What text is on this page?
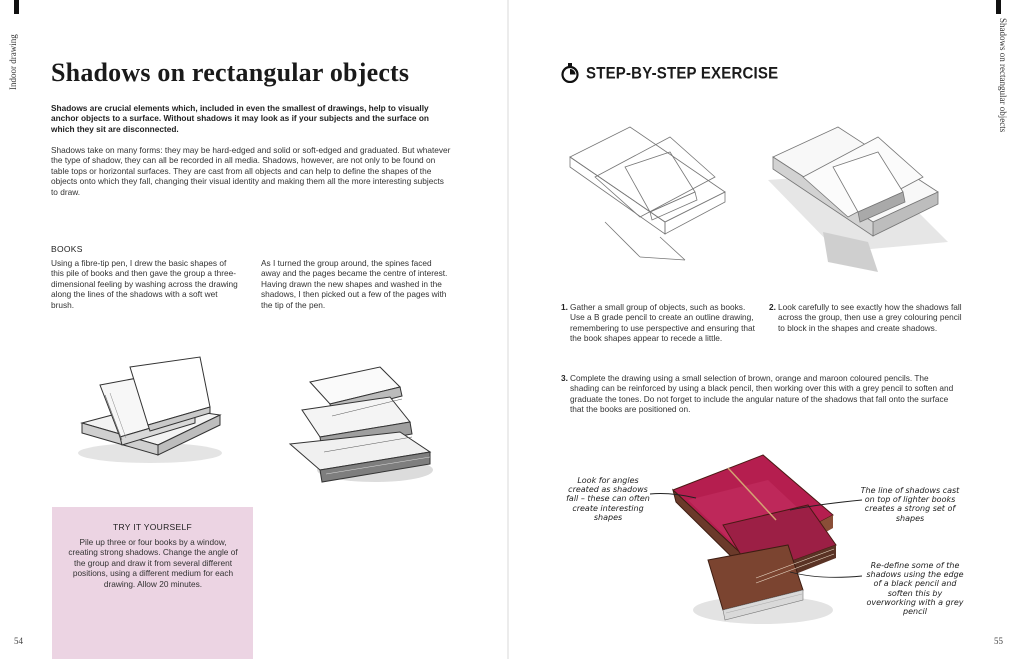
Indoor drawing
54
Shadows on rectangular objects

Shadows are crucial elements which, included in even the smallest of drawings, help to visually anchor objects to a surface. Without shadows it may look as if your subjects and the surface on which they sit are disconnected.

Shadows take on many forms: they may be hard-edged and solid or soft-edged and graduated. But whatever the type of shadow, they can all be recorded in all media. Shadows, however, are not only to be found on table tops or horizontal surfaces. They are cast from all objects and can help to define the shapes of the objects onto which they fall, changing their visual identity and making them all the more interesting subjects to draw.

BOOKS

Using a fibre-tip pen, I drew the basic shapes of this pile of books and then gave the group a three-dimensional feeling by washing across the drawing along the lines of the shadows with a soft wet brush.

As I turned the group around, the spines faced away and the pages became the centre of interest. Having drawn the new shapes and washed in the shadows, I then picked out a few of the pages with the tip of the pen.

TRY IT YOURSELF

Pile up three or four books by a window, creating strong shadows. Change the angle of the group and draw it from several different positions, using a different medium for each drawing. Allow 20 minutes.

Shadows on rectangular objects
55
STEP-BY-STEP EXERCISE
1. Gather a small group of objects, such as books. Use a B grade pencil to create an outline drawing, remembering to use perspective and ensuring that the book shapes appear to recede a little.
2. Look carefully to see exactly how the shadows fall across the group, then use a grey colouring pencil to block in the shapes and create shadows.
3. Complete the drawing using a small selection of brown, orange and maroon coloured pencils. The shading can be reinforced by using a black pencil, then working over this with a grey pencil to soften and graduate the tones. Do not forget to include the angular nature of the shadows that fall onto the surface that the books are positioned on.
Look for angles created as shadows fall – these can often create interesting shapes
The line of shadows cast on top of lighter books creates a strong set of shapes
Re-define some of the shadows using the edge of a black pencil and soften this by overworking with a grey pencil
